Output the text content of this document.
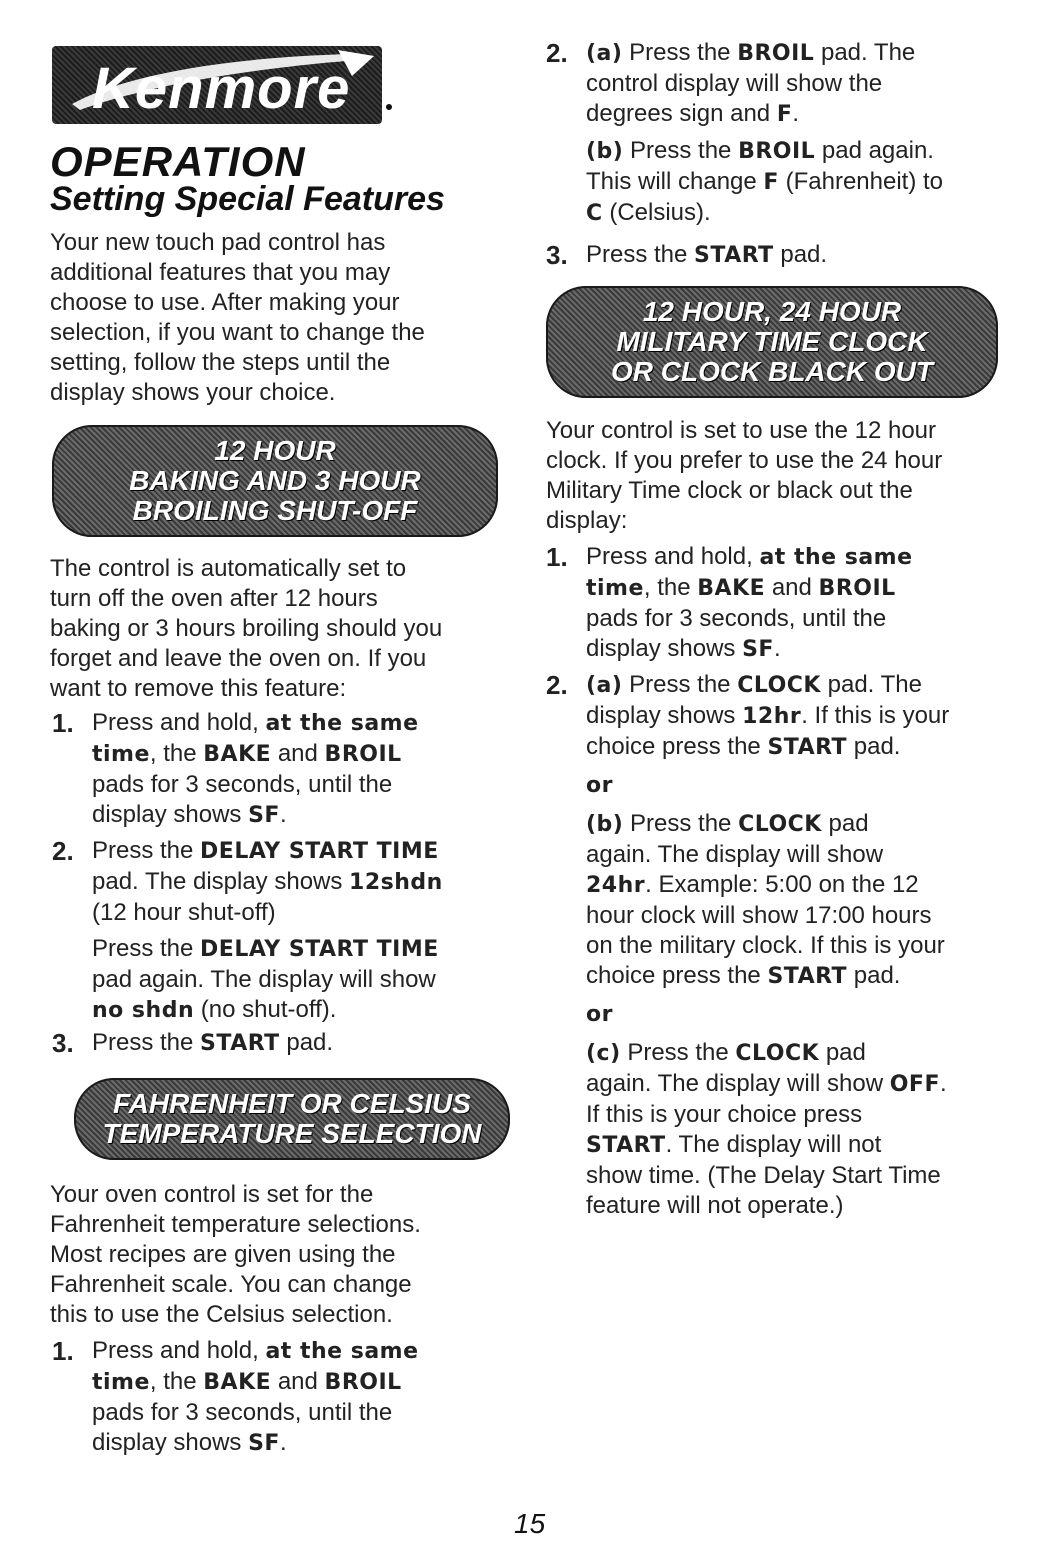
Kenmore
OPERATION
Setting Special Features

Your new touch pad control has

additional features that you may

choose to use. After making your

selection, if you want to change the

setting, follow the steps until the

display shows your choice.

12 HOUR
BAKING AND 3 HOUR
BROILING SHUT-OFF

The control is automatically set to

turn off the oven after 12 hours

baking or 3 hours broiling should you

forget and leave the oven on. If you

want to remove this feature:

1. Press and hold, at the same

time, the BAKE and BROIL

pads for 3 seconds, until the

display shows SF.

2. Press the DELAY START TIME

pad. The display shows 12shdn

(12 hour shut-off)

Press the DELAY START TIME

pad again. The display will show

no shdn (no shut-off).

3. Press the START pad.

FAHRENHEIT OR CELSIUS
TEMPERATURE SELECTION

Your oven control is set for the

Fahrenheit temperature selections.

Most recipes are given using the

Fahrenheit scale. You can change

this to use the Celsius selection.

1. Press and hold, at the same

time, the BAKE and BROIL

pads for 3 seconds, until the

display shows SF.

2. (a) Press the BROIL pad. The

control display will show the

degrees sign and F.

(b) Press the BROIL pad again.

This will change F (Fahrenheit) to

C (Celsius).

3. Press the START pad.

12 HOUR, 24 HOUR
MILITARY TIME CLOCK
OR CLOCK BLACK OUT

Your control is set to use the 12 hour

clock. If you prefer to use the 24 hour

Military Time clock or black out the

display:

1. Press and hold, at the same

time, the BAKE and BROIL

pads for 3 seconds, until the

display shows SF.

2. (a) Press the CLOCK pad. The

display shows 12hr. If this is your

choice press the START pad.

or

(b) Press the CLOCK pad

again. The display will show

24hr. Example: 5:00 on the 12

hour clock will show 17:00 hours

on the military clock. If this is your

choice press the START pad.

or

(c) Press the CLOCK pad

again. The display will show OFF.

If this is your choice press

START. The display will not

show time. (The Delay Start Time

feature will not operate.)

15
